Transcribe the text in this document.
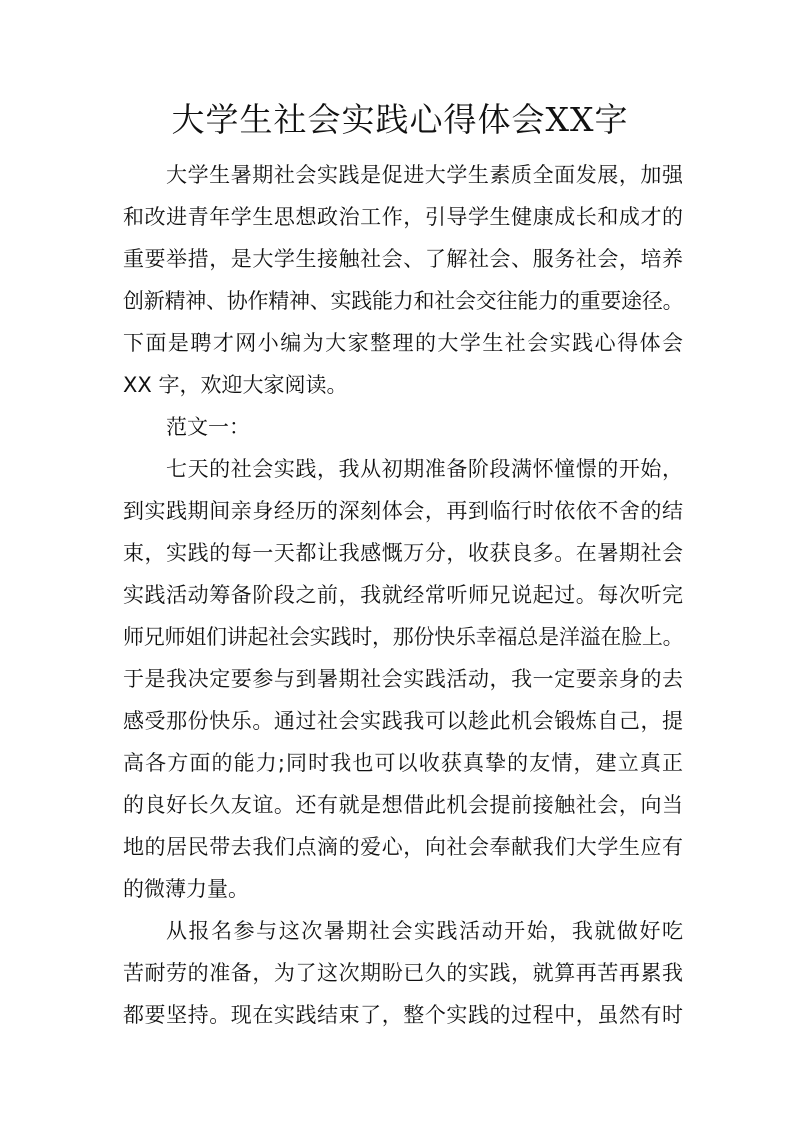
大学生社会实践心得体会XX字
大学生暑期社会实践是促进大学生素质全面发展，加强
和改进青年学生思想政治工作，引导学生健康成长和成才的
重要举措，是大学生接触社会、了解社会、服务社会，培养
创新精神、协作精神、实践能力和社会交往能力的重要途径。
下面是聘才网小编为大家整理的大学生社会实践心得体会
XX 字，欢迎大家阅读。
范文一：
七天的社会实践，我从初期准备阶段满怀憧憬的开始，
到实践期间亲身经历的深刻体会，再到临行时依依不舍的结
束，实践的每一天都让我感慨万分，收获良多。在暑期社会
实践活动筹备阶段之前，我就经常听师兄说起过。每次听完
师兄师姐们讲起社会实践时，那份快乐幸福总是洋溢在脸上。
于是我决定要参与到暑期社会实践活动，我一定要亲身的去
感受那份快乐。通过社会实践我可以趁此机会锻炼自己，提
高各方面的能力;同时我也可以收获真挚的友情，建立真正
的良好长久友谊。还有就是想借此机会提前接触社会，向当
地的居民带去我们点滴的爱心，向社会奉献我们大学生应有
的微薄力量。
从报名参与这次暑期社会实践活动开始，我就做好吃
苦耐劳的准备，为了这次期盼已久的实践，就算再苦再累我
都要坚持。现在实践结束了，整个实践的过程中，虽然有时
